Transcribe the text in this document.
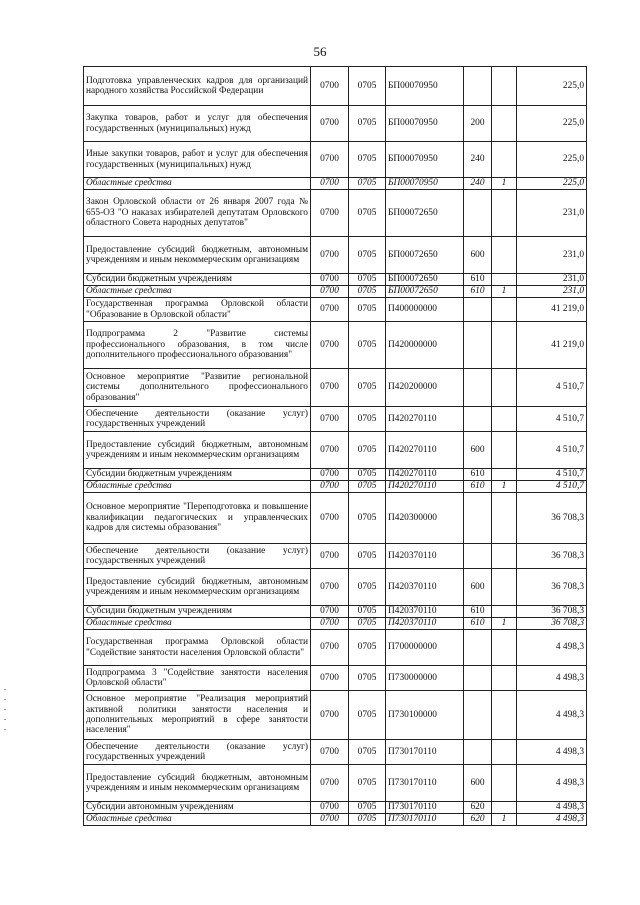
56
Подготовка управленческих кадров для организаций народного хозяйства Российской Федерации	0700	0705	БП00070950			225,0
Закупка товаров, работ и услуг для обеспечения государственных (муниципальных) нужд	0700	0705	БП00070950	200		225,0
Иные закупки товаров, работ и услуг для обеспечения государственных (муниципальных) нужд	0700	0705	БП00070950	240		225,0
Областные средства	0700	0705	БП00070950	240	1	225,0
Закон Орловской области от 26 января 2007 года № 655-ОЗ "О наказах избирателей депутатам Орловского областного Совета народных депутатов"	0700	0705	БП00072650			231,0
Предоставление субсидий бюджетным, автономным учреждениям и иным некоммерческим организациям	0700	0705	БП00072650	600		231,0
Субсидии бюджетным учреждениям	0700	0705	БП00072650	610		231,0
Областные средства	0700	0705	БП00072650	610	1	231,0
Государственная программа Орловской области "Образование в Орловской области"	0700	0705	П400000000			41 219,0
Подпрограмма 2 "Развитие системы профессионального образования, в том числе дополнительного профессионального образования"	0700	0705	П420000000			41 219,0
Основное мероприятие "Развитие региональной системы дополнительного профессионального образования"	0700	0705	П420200000			4 510,7
Обеспечение деятельности (оказание услуг) государственных учреждений	0700	0705	П420270110			4 510,7
Предоставление субсидий бюджетным, автономным учреждениям и иным некоммерческим организациям	0700	0705	П420270110	600		4 510,7
Субсидии бюджетным учреждениям	0700	0705	П420270110	610		4 510,7
Областные средства	0700	0705	П420270110	610	1	4 510,7
Основное мероприятие "Переподготовка и повышение квалификации педагогических и управленческих кадров для системы образования"	0700	0705	П420300000			36 708,3
Обеспечение деятельности (оказание услуг) государственных учреждений	0700	0705	П420370110			36 708,3
Предоставление субсидий бюджетным, автономным учреждениям и иным некоммерческим организациям	0700	0705	П420370110	600		36 708,3
Субсидии бюджетным учреждениям	0700	0705	П420370110	610		36 708,3
Областные средства	0700	0705	П420370110	610	1	36 708,3
Государственная программа Орловской области "Содействие занятости населения Орловской области"	0700	0705	П700000000			4 498,3
Подпрограмма 3 "Содействие занятости населения Орловской области"	0700	0705	П730000000			4 498,3
Основное мероприятие "Реализация мероприятий активной политики занятости населения и дополнительных мероприятий в сфере занятости населения"	0700	0705	П730100000			4 498,3
Обеспечение деятельности (оказание услуг) государственных учреждений	0700	0705	П730170110			4 498,3
Предоставление субсидий бюджетным, автономным учреждениям и иным некоммерческим организациям	0700	0705	П730170110	600		4 498,3
Субсидии автономным учреждениям	0700	0705	П730170110	620		4 498,3
Областные средства	0700	0705	П730170110	620	1	4 498,3
